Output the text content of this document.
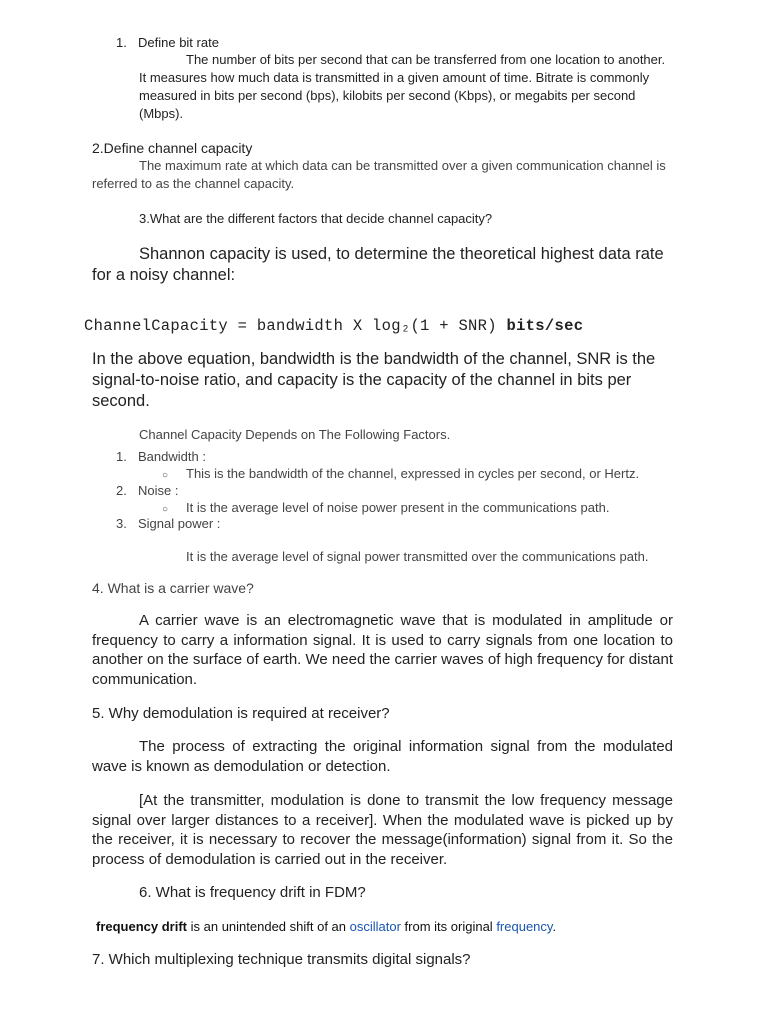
1. Define bit rate

The number of bits per second that can be transferred from one location to another. It measures how much data is transmitted in a given amount of time. Bitrate is commonly measured in bits per second (bps), kilobits per second (Kbps), or megabits per second (Mbps).

2.Define channel capacity

The maximum rate at which data can be transmitted over a given communication channel is referred to as the channel capacity.

3.What are the different factors that decide channel capacity?

Shannon capacity is used, to determine the theoretical highest data rate for a noisy channel:

ChannelCapacity = bandwidth X log₂(1 + SNR) bits/sec

In the above equation, bandwidth is the bandwidth of the channel, SNR is the signal-to-noise ratio, and capacity is the capacity of the channel in bits per second.

Channel Capacity Depends on The Following Factors.
1. Bandwidth :
○ This is the bandwidth of the channel, expressed in cycles per second, or Hertz.
2. Noise :
○ It is the average level of noise power present in the communications path.
3. Signal power :
It is the average level of signal power transmitted over the communications path.
4. What is a carrier wave?

A carrier wave is an electromagnetic wave that is modulated in amplitude or frequency to carry a information signal. It is used to carry signals from one location to another on the surface of earth. We need the carrier waves of high frequency for distant communication.

5. Why demodulation is required at receiver?

The process of extracting the original information signal from the modulated wave is known as demodulation or detection.

[At the transmitter, modulation is done to transmit the low frequency message signal over larger distances to a receiver]. When the modulated wave is picked up by the receiver, it is necessary to recover the message(information) signal from it. So the process of demodulation is carried out in the receiver.

6. What is frequency drift in FDM?

frequency drift is an unintended shift of an oscillator from its original frequency.

7. Which multiplexing technique transmits digital signals?
